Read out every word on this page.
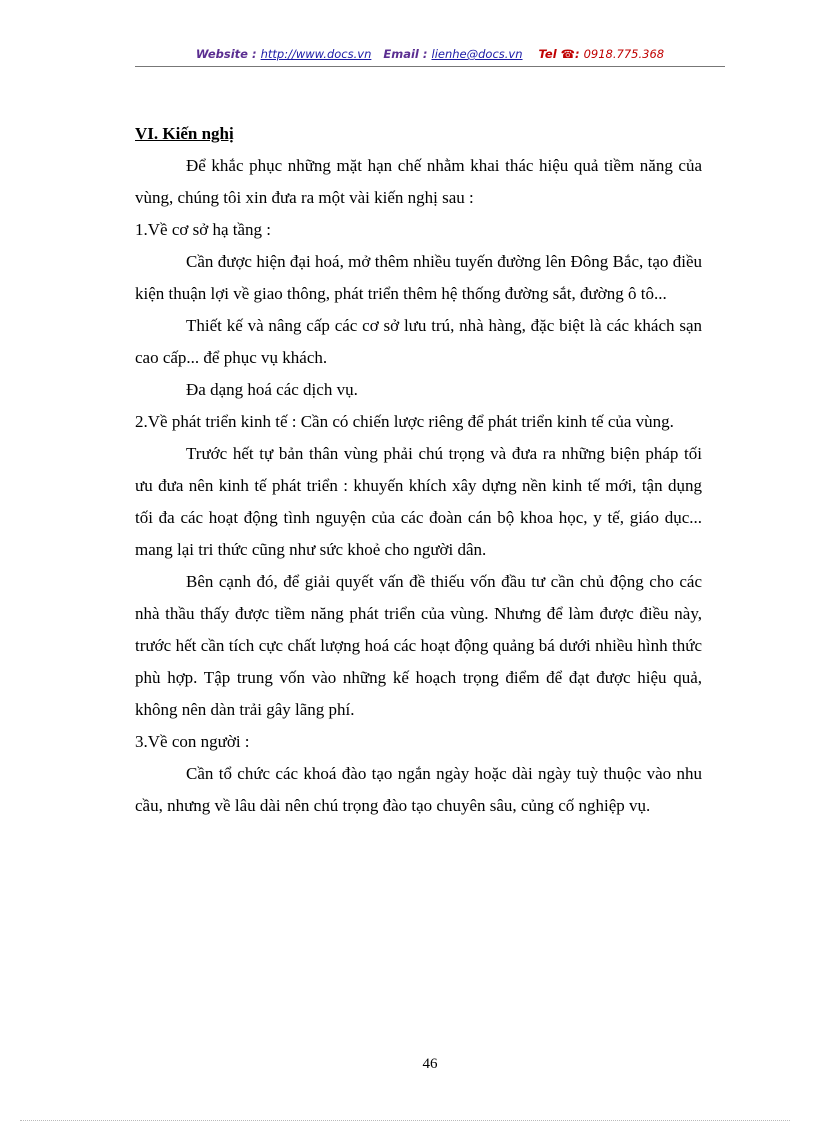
Website : http://www.docs.vn Email : lienhe@docs.vn Tel ☎: 0918.775.368
VI. Kiến nghị

Để khắc phục những mặt hạn chế nhằm khai thác hiệu quả tiềm năng của vùng, chúng tôi xin đưa ra một vài kiến nghị sau :

1.Về cơ sở hạ tầng :

Cần được hiện đại hoá, mở thêm nhiều tuyến đường lên Đông Bắc, tạo điều kiện thuận lợi về giao thông, phát triển thêm hệ thống đường sắt, đường ô tô...

Thiết kế và nâng cấp các cơ sở lưu trú, nhà hàng, đặc biệt là các khách sạn cao cấp... để phục vụ khách.

Đa dạng hoá các dịch vụ.

2.Về phát triển kinh tế : Cần có chiến lược riêng để phát triển kinh tế của vùng.

Trước hết tự bản thân vùng phải chú trọng và đưa ra những biện pháp tối ưu đưa nên kinh tế phát triển : khuyến khích xây dựng nền kinh tế mới, tận dụng tối đa các hoạt động tình nguyện của các đoàn cán bộ khoa học, y tế, giáo dục... mang lại tri thức cũng như sức khoẻ cho người dân.

Bên cạnh đó, để giải quyết vấn đề thiếu vốn đầu tư cần chủ động cho các nhà thầu thấy được tiềm năng phát triển của vùng. Nhưng để làm được điều này, trước hết cần tích cực chất lượng hoá các hoạt động quảng bá dưới nhiều hình thức phù hợp. Tập trung vốn vào những kế hoạch trọng điểm để đạt được hiệu quả, không nên dàn trải gây lãng phí.

3.Về con người :

Cần tổ chức các khoá đào tạo ngắn ngày hoặc dài ngày tuỳ thuộc vào nhu cầu, nhưng về lâu dài nên chú trọng đào tạo chuyên sâu, củng cố nghiệp vụ.

46
